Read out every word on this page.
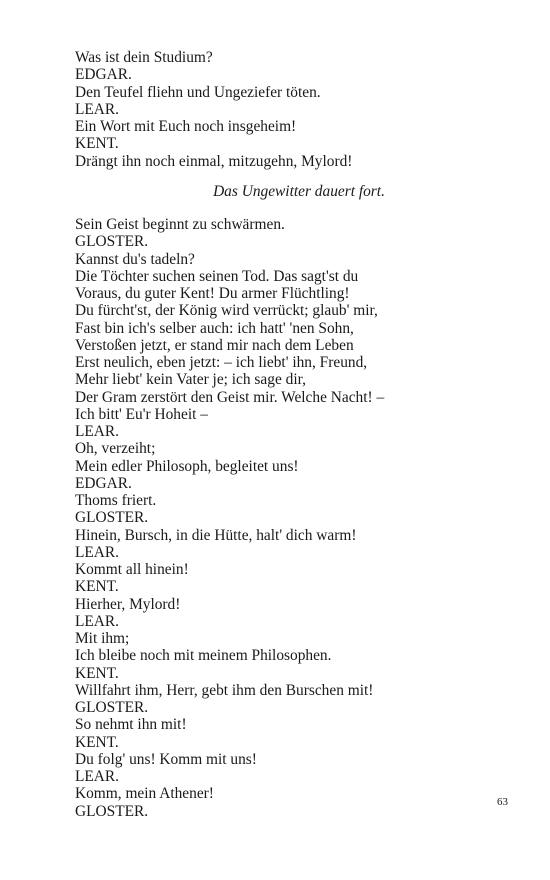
Was ist dein Studium?
EDGAR.
Den Teufel fliehn und Ungeziefer töten.
LEAR.
Ein Wort mit Euch noch insgeheim!
KENT.
Drängt ihn noch einmal, mitzugehn, Mylord!
Das Ungewitter dauert fort.
Sein Geist beginnt zu schwärmen.
GLOSTER.
Kannst du's tadeln?
Die Töchter suchen seinen Tod. Das sagt'st du
Voraus, du guter Kent! Du armer Flüchtling!
Du fürcht'st, der König wird verrückt; glaub' mir,
Fast bin ich's selber auch: ich hatt' 'nen Sohn,
Verstoßen jetzt, er stand mir nach dem Leben
Erst neulich, eben jetzt: – ich liebt' ihn, Freund,
Mehr liebt' kein Vater je; ich sage dir,
Der Gram zerstört den Geist mir. Welche Nacht! –
Ich bitt' Eu'r Hoheit –
LEAR.
Oh, verzeiht;
Mein edler Philosoph, begleitet uns!
EDGAR.
Thoms friert.
GLOSTER.
Hinein, Bursch, in die Hütte, halt' dich warm!
LEAR.
Kommt all hinein!
KENT.
Hierher, Mylord!
LEAR.
Mit ihm;
Ich bleibe noch mit meinem Philosophen.
KENT.
Willfahrt ihm, Herr, gebt ihm den Burschen mit!
GLOSTER.
So nehmt ihn mit!
KENT.
Du folg' uns! Komm mit uns!
LEAR.
Komm, mein Athener!
GLOSTER.
63
